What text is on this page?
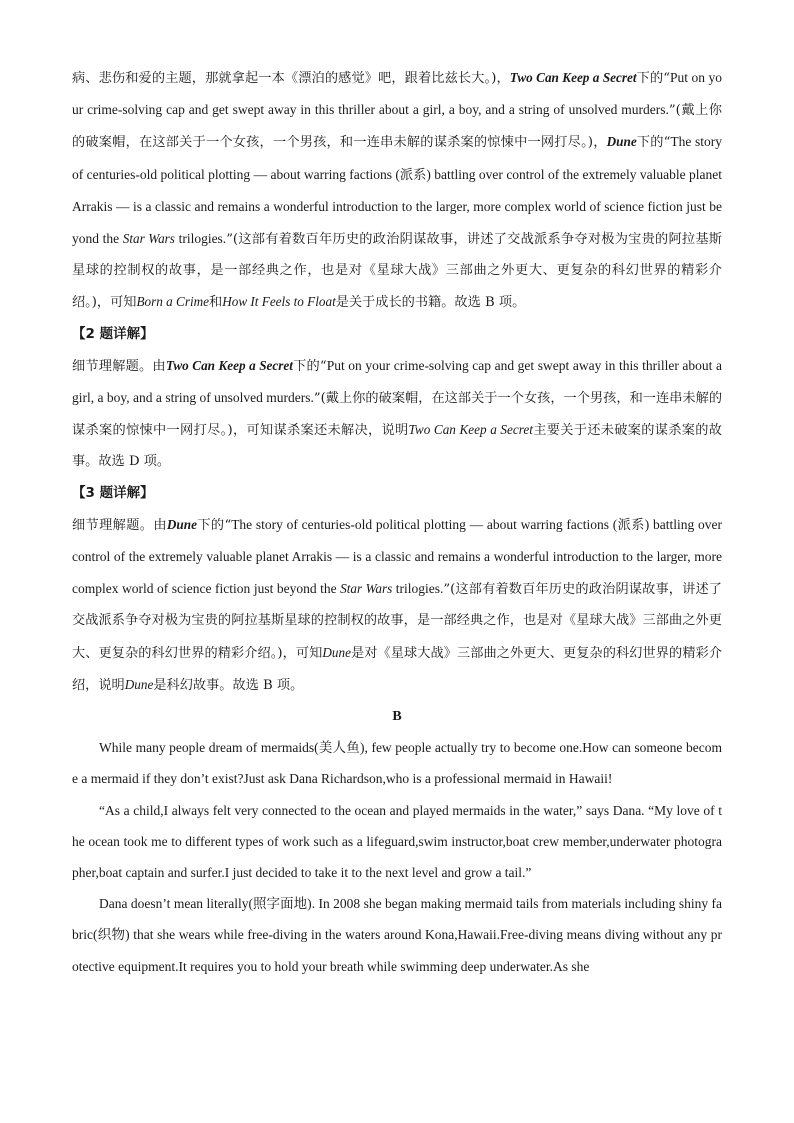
病、悲伤和爱的主题，那就拿起一本《漂泊的感觉》吧，跟着比兹长大。)，Two Can Keep a Secret下的“Put on your crime-solving cap and get swept away in this thriller about a girl, a boy, and a string of unsolved murders.”(戴上你的破案帽，在这部关于一个女孩，一个男孩，和一连串未解的谋杀案的惊悚中一网打尽。)，Dune下的“The story of centuries-old political plotting — about warring factions (派系) battling over control of the extremely valuable planet Arrakis — is a classic and remains a wonderful introduction to the larger, more complex world of science fiction just beyond the Star Wars trilogies.”(这部有着数百年历史的政治阴谋故事，讲述了交战派系争夺对极为宝贵的阿拉基斯星球的控制权的故事，是一部经典之作，也是对《星球大战》三部曲之外更大、更复杂的科幻世界的精彩介绍。)，可知Born a Crime和How It Feels to Float是关于成长的书籍。故选 B 项。

【2 题详解】

细节理解题。由Two Can Keep a Secret下的“Put on your crime-solving cap and get swept away in this thriller about a girl, a boy, and a string of unsolved murders.”(戴上你的破案帽，在这部关于一个女孩，一个男孩，和一连串未解的谋杀案的惊悚中一网打尽。)，可知谋杀案还未解决，说明Two Can Keep a Secret主要关于还未破案的谋杀案的故事。故选 D 项。

【3 题详解】

细节理解题。由Dune下的“The story of centuries-old political plotting — about warring factions (派系) battling over control of the extremely valuable planet Arrakis — is a classic and remains a wonderful introduction to the larger, more complex world of science fiction just beyond the Star Wars trilogies.”(这部有着数百年历史的政治阴谋故事，讲述了交战派系争夺对极为宝贵的阿拉基斯星球的控制权的故事，是一部经典之作，也是对《星球大战》三部曲之外更大、更复杂的科幻世界的精彩介绍。)，可知Dune是对《星球大战》三部曲之外更大、更复杂的科幻世界的精彩介绍，说明Dune是科幻故事。故选 B 项。

B

While many people dream of mermaids(美人鱼), few people actually try to become one.How can someone become a mermaid if they don’t exist?Just ask Dana Richardson,who is a professional mermaid in Hawaii!

“As a child,I always felt very connected to the ocean and played mermaids in the water,” says Dana. “My love of the ocean took me to different types of work such as a lifeguard,swim instructor,boat crew member,underwater photographer,boat captain and surfer.I just decided to take it to the next level and grow a tail.”

Dana doesn’t mean literally(照字面地). In 2008 she began making mermaid tails from materials including shiny fabric(织物) that she wears while free-diving in the waters around Kona,Hawaii.Free-diving means diving without any protective equipment.It requires you to hold your breath while swimming deep underwater.As she
